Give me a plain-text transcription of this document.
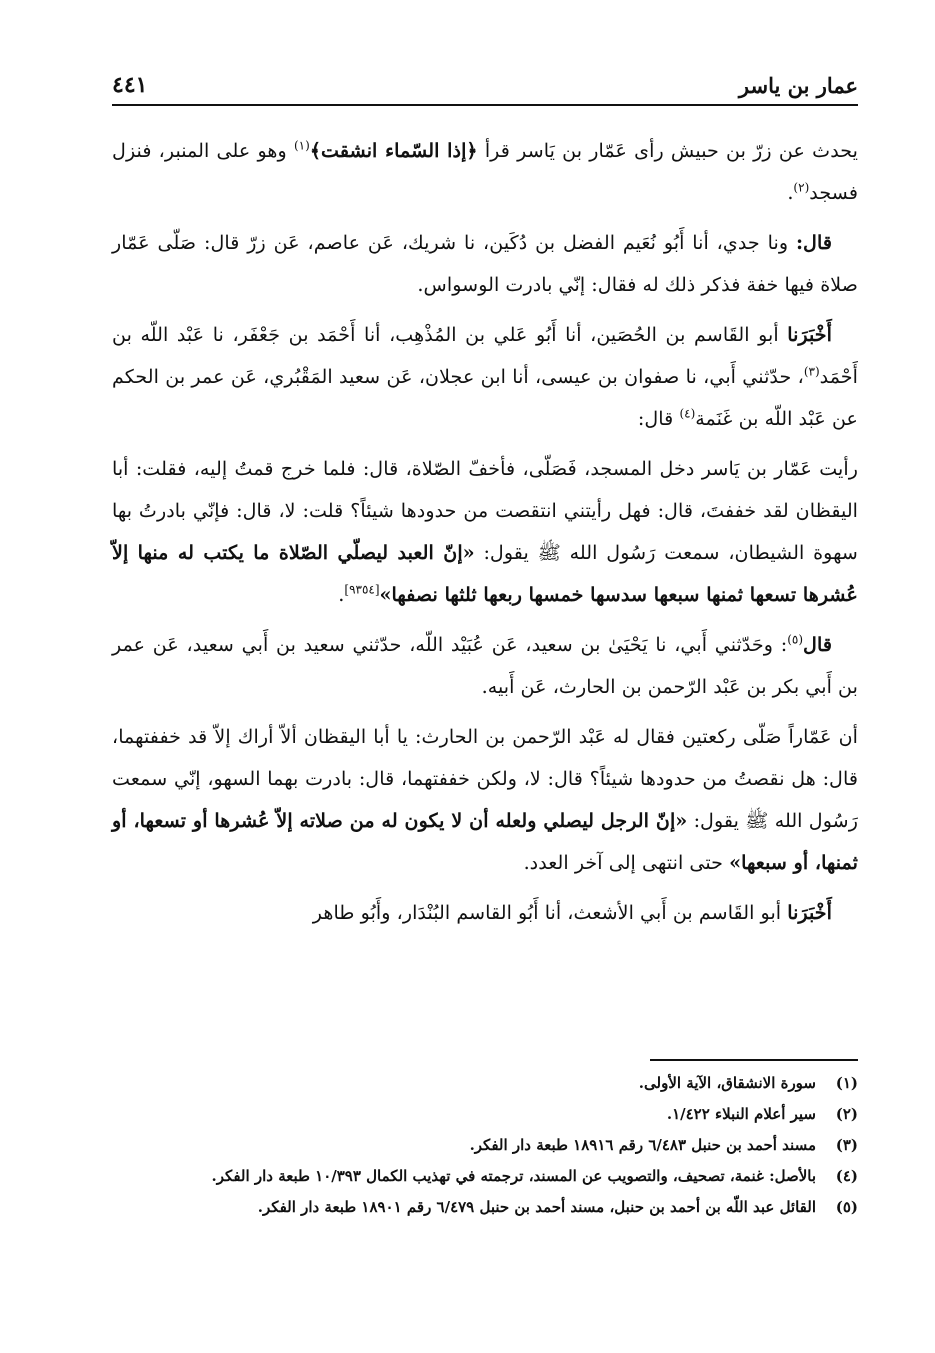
عمار بن ياسر
٤٤١

يحدث عن زرّ بن حبيش رأى عَمّار بن يَاسر قرأ ﴿إذا السّماء انشقت﴾$^{(١)}$ وهو على المنبر، فنزل فسجد$^{(٢)}$.

قال: ونا جدي، أنا أَبُو نُعَيم الفضل بن دُكَين، نا شريك، عَن عاصم، عَن زرّ قال: صَلّى عَمّار صلاة فيها خفة فذكر ذلك له فقال: إنّي بادرت الوسواس.

أَخْبَرَنا أبو القَاسم بن الحُصَين، أنا أَبُو عَلي بن المُذْهِب، أنا أَحْمَد بن جَعْفَر، نا عَبْد اللّه بن أَحْمَد$^{(٣)}$، حدّثني أَبي، نا صفوان بن عيسى، أنا ابن عجلان، عَن سعيد المَقْبُري، عَن عمر بن الحكم عن عَبْد اللّه بن غَنَمة$^{(٤)}$ قال:

رأيت عَمّار بن يَاسر دخل المسجد، فَصَلّى، فأخفّ الصّلاة، قال: فلما خرج قمتُ إليه، فقلت: أبا اليقظان لقد خففتَ، قال: فهل رأيتني انتقصت من حدودها شيئاً؟ قلت: لا، قال: فإنّي بادرتُ بها سهوة الشيطان، سمعت رَسُول الله ﷺ يقول: «إنّ العبد ليصلّي الصّلاة ما يكتب له منها إلاّ عُشرها تسعها ثمنها سبعها سدسها خمسها ربعها ثلثها نصفها»[٩٣٥٤].

قال$^{(٥)}$: وحَدّثني أَبي، نا يَحْيَىٰ بن سعيد، عَن عُبَيْد اللّه، حدّثني سعيد بن أَبي سعيد، عَن عمر بن أَبي بكر بن عَبْد الرّحمن بن الحارث، عَن أَبيه.

أن عَمّاراً صَلّى ركعتين فقال له عَبْد الرّحمن بن الحارث: يا أبا اليقظان ألاّ أراك إلاّ قد خففتهما، قال: هل نقصتُ من حدودها شيئاً؟ قال: لا، ولكن خففتهما، قال: بادرت بهما السهو، إنّي سمعت رَسُول الله ﷺ يقول: «إنّ الرجل ليصلي ولعله أن لا يكون له من صلاته إلاّ عُشرها أو تسعها، أو ثمنها، أو سبعها» حتى انتهى إلى آخر العدد.

أَخْبَرَنا أبو القَاسم بن أَبي الأشعث، أنا أَبُو القاسم البُنْدَار، وأَبُو طاهر

(١)
سورة الانشقاق، الآية الأولى.
(٢)
سير أعلام النبلاء ١/٤٢٢.
(٣)
مسند أحمد بن حنبل ٦/٤٨٣ رقم ١٨٩١٦ طبعة دار الفكر.
(٤)
بالأصل: غنمة، تصحيف، والتصويب عن المسند، ترجمته في تهذيب الكمال ١٠/٣٩٣ طبعة دار الفكر.
(٥)
القائل عبد اللّه بن أحمد بن حنبل، مسند أحمد بن حنبل ٦/٤٧٩ رقم ١٨٩٠١ طبعة دار الفكر.
